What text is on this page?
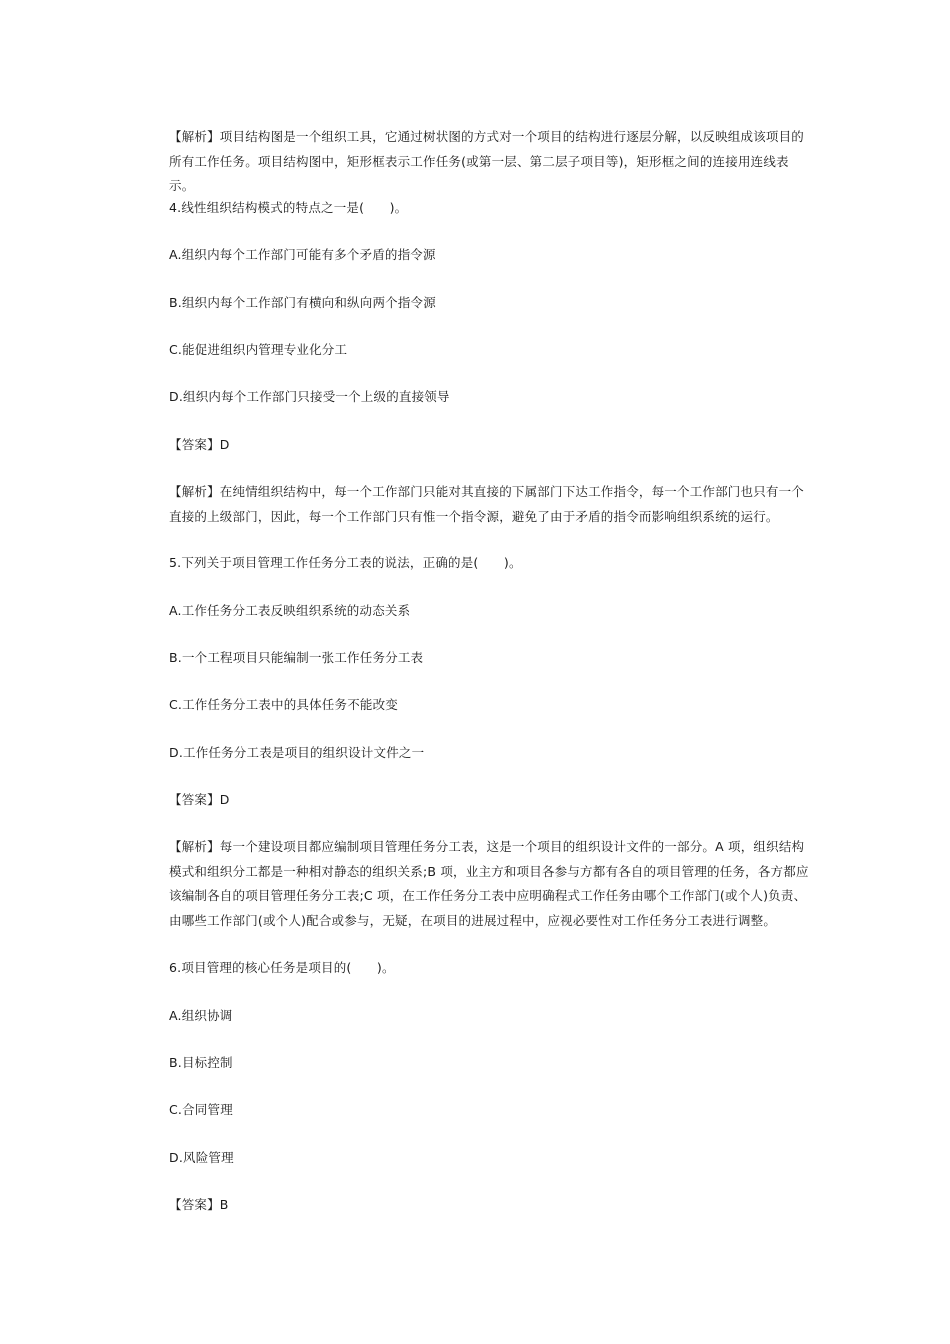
【解析】项目结构图是一个组织工具，它通过树状图的方式对一个项目的结构进行逐层分解，以反映组成该项目的所有工作任务。项目结构图中，矩形框表示工作任务(或第一层、第二层子项目等)，矩形框之间的连接用连线表示。
4.线性组织结构模式的特点之一是(　　)。
A.组织内每个工作部门可能有多个矛盾的指令源
B.组织内每个工作部门有横向和纵向两个指令源
C.能促进组织内管理专业化分工
D.组织内每个工作部门只接受一个上级的直接领导
【答案】D
【解析】在纯情组织结构中，每一个工作部门只能对其直接的下属部门下达工作指令，每一个工作部门也只有一个直接的上级部门，因此，每一个工作部门只有惟一个指令源，避免了由于矛盾的指令而影响组织系统的运行。
5.下列关于项目管理工作任务分工表的说法，正确的是(　　)。
A.工作任务分工表反映组织系统的动态关系
B.一个工程项目只能编制一张工作任务分工表
C.工作任务分工表中的具体任务不能改变
D.工作任务分工表是项目的组织设计文件之一
【答案】D
【解析】每一个建设项目都应编制项目管理任务分工表，这是一个项目的组织设计文件的一部分。A 项，组织结构模式和组织分工都是一种相对静态的组织关系;B 项，业主方和项目各参与方都有各自的项目管理的任务，各方都应该编制各自的项目管理任务分工表;C 项，在工作任务分工表中应明确程式工作任务由哪个工作部门(或个人)负责、由哪些工作部门(或个人)配合或参与，无疑，在项目的进展过程中，应视必要性对工作任务分工表进行调整。
6.项目管理的核心任务是项目的(　　)。
A.组织协调
B.目标控制
C.合同管理
D.风险管理
【答案】B
